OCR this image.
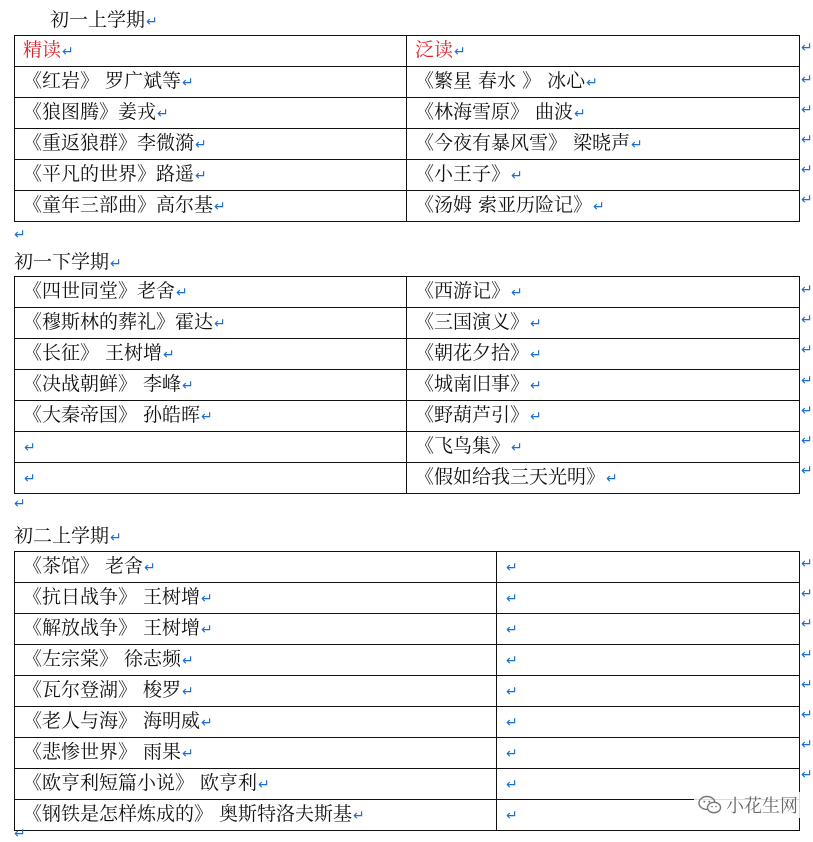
初一上学期↵
精读↵	泛读↵
《红岩》 罗广斌等↵	《繁星 春水 》 冰心↵
《狼图腾》姜戎↵	《林海雪原》 曲波↵
《重返狼群》李微漪↵	《今夜有暴风雪》 梁晓声↵
《平凡的世界》路遥↵	《小王子》↵
《童年三部曲》高尔基↵	《汤姆 索亚历险记》↵
↵
初一下学期↵
《四世同堂》老舍↵	《西游记》↵
《穆斯林的葬礼》霍达↵	《三国演义》↵
《长征》 王树增↵	《朝花夕拾》↵
《决战朝鲜》 李峰↵	《城南旧事》↵
《大秦帝国》 孙皓晖↵	《野葫芦引》↵
↵	《飞鸟集》↵
↵	《假如给我三天光明》↵
↵
初二上学期↵
《茶馆》 老舍↵	↵
《抗日战争》 王树增↵	↵
《解放战争》 王树增↵	↵
《左宗棠》 徐志频↵	↵
《瓦尔登湖》 梭罗↵	↵
《老人与海》 海明威↵	↵
《悲惨世界》 雨果↵	↵
《欧亨利短篇小说》 欧亨利↵	↵
《钢铁是怎样炼成的》 奥斯特洛夫斯基↵	↵
↵
↵
↵
↵
↵
↵
↵
↵
↵
↵
↵
↵
↵
↵
↵
↵
↵
↵
↵
↵
↵
↵
小花生网
